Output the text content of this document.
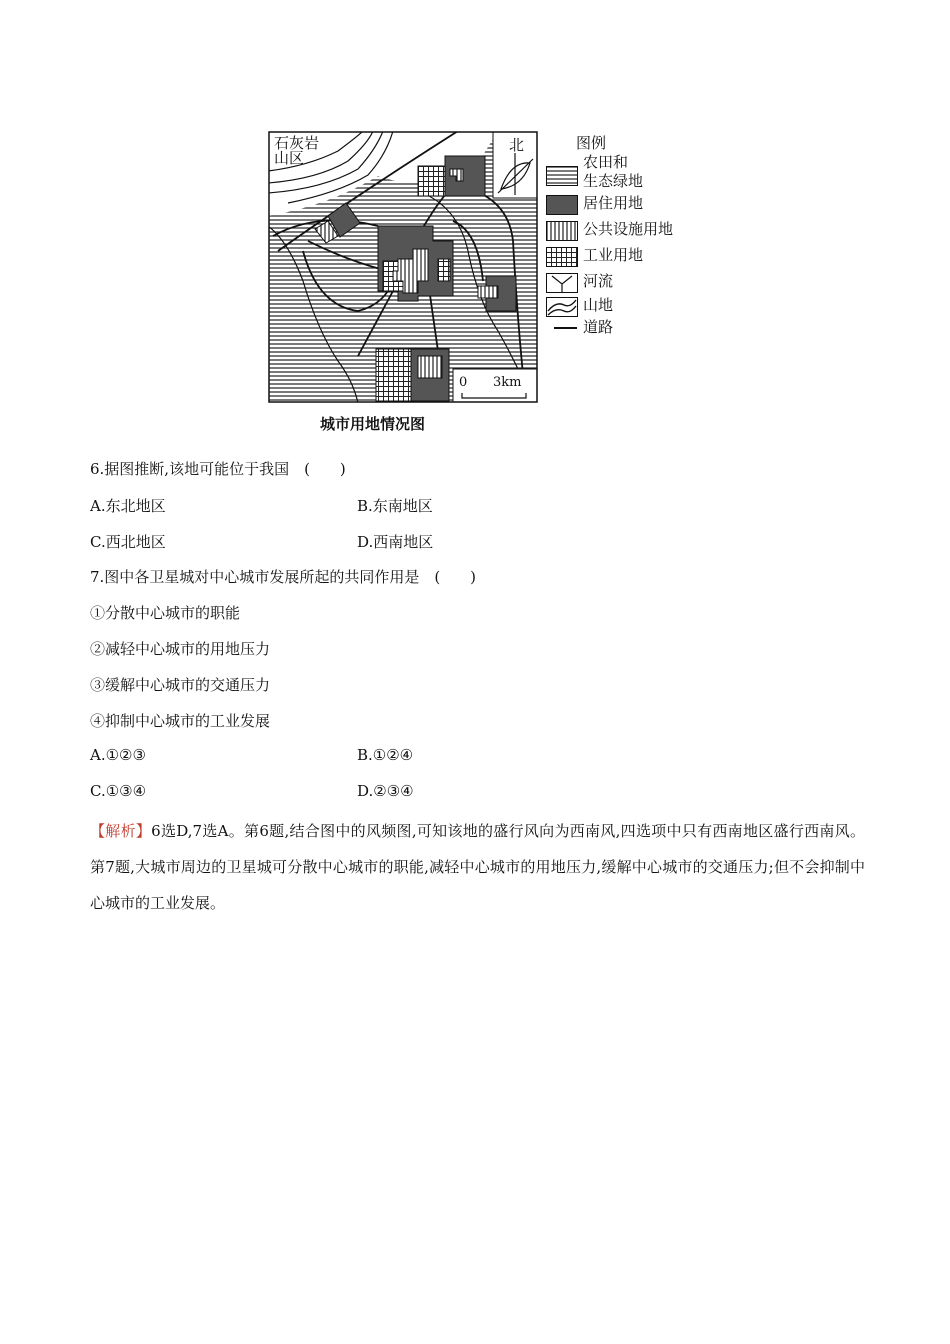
石灰岩
山区
北
0 3km
图例
农田和
生态绿地
居住用地
公共设施用地
工业用地
河流
山地
道路
城市用地情况图
6.据图推断,该地可能位于我国　(　　)
A.东北地区	B.东南地区
C.西北地区	D.西南地区
7.图中各卫星城对中心城市发展所起的共同作用是　(　　)
①分散中心城市的职能
②减轻中心城市的用地压力
③缓解中心城市的交通压力
④抑制中心城市的工业发展
A.①②③	B.①②④
C.①③④	D.②③④
【解析】6选D,7选A。第6题,结合图中的风频图,可知该地的盛行风向为西南风,四选项中只有西南地区盛行西南风。第7题,大城市周边的卫星城可分散中心城市的职能,减轻中心城市的用地压力,缓解中心城市的交通压力;但不会抑制中心城市的工业发展。
